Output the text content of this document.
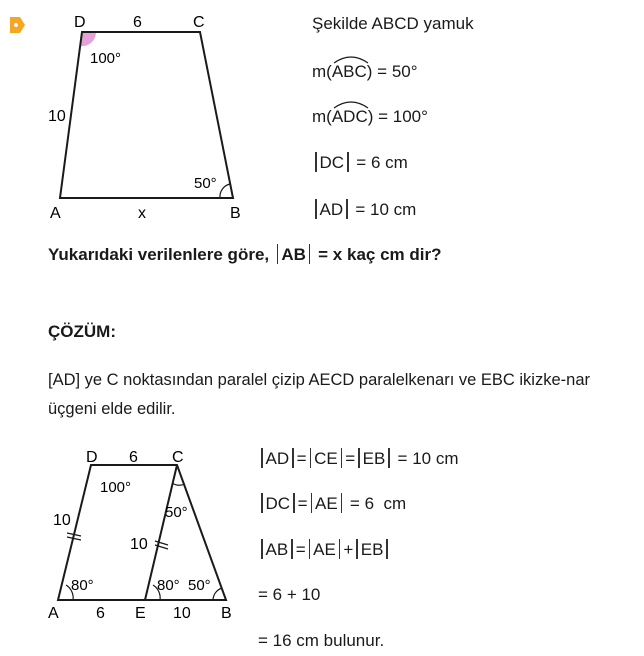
D	C
A	B
6
10
x
100°
50°
Şekilde ABCD yamuk
m(
ABC) = 50°
m(
ADC) = 100°
DC = 6 cm
AD = 10 cm
Yukarıdaki verilenlere göre, AB = x kaç cm dir?
ÇÖZÜM:
[AD] ye C noktasından paralel çizip AECD paralelkenarı ve EBC ikizke-nar üçgeni elde edilir.
D	C
A	E	B
6
10
10
6	10
100°
80°	80° 50°
50°
AD = CE = EB = 10 cm
DC = AE = 6  cm
AB = AE + EB
= 6 + 10
= 16 cm bulunur.
